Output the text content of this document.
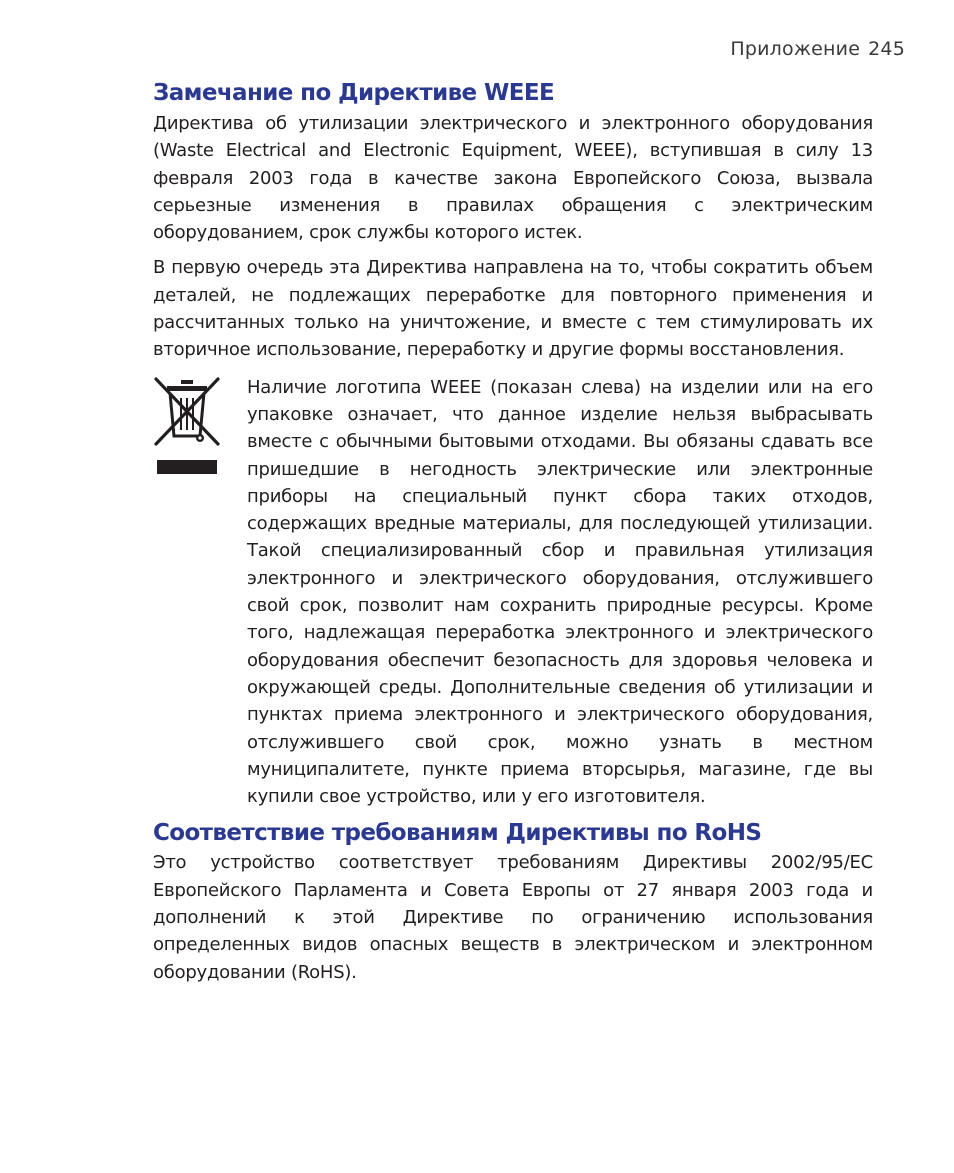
Приложение 245
Замечание по Директиве WEEE

Директива об утилизации электрического и электронного оборудования (Waste Electrical and Electronic Equipment, WEEE), вступившая в силу 13 февраля 2003 года в качестве закона Европейского Союза, вызвала серьезные изменения в правилах обращения с электрическим оборудованием, срок службы которого истек.

В первую очередь эта Директива направлена на то, чтобы сократить объем деталей, не подлежащих переработке для повторного применения и рассчитанных только на уничтожение, и вместе с тем стимулировать их вторичное использование, переработку и другие формы восстановления.

Наличие логотипа WEEE (показан слева) на изделии или на его упаковке означает, что данное изделие нельзя выбрасывать вместе с обычными бытовыми отходами. Вы обязаны сдавать все пришедшие в негодность электрические или электронные приборы на специальный пункт сбора таких отходов, содержащих вредные материалы, для последующей утилизации. Такой специализированный сбор и правильная утилизация электронного и электрического оборудования, отслужившего свой срок, позволит нам сохранить природные ресурсы. Кроме того, надлежащая переработка электронного и электрического оборудования обеспечит безопасность для здоровья человека и окружающей среды. Дополнительные сведения об утилизации и пунктах приема электронного и электрического оборудования, отслужившего свой срок, можно узнать в местном муниципалитете, пункте приема вторсырья, магазине, где вы купили свое устройство, или у его изготовителя.

Соответствие требованиям Директивы по RoHS

Это устройство соответствует требованиям Директивы 2002/95/EC Европейского Парламента и Совета Европы от 27 января 2003 года и дополнений к этой Директиве по ограничению использования определенных видов опасных веществ в электрическом и электронном оборудовании (RoHS).
